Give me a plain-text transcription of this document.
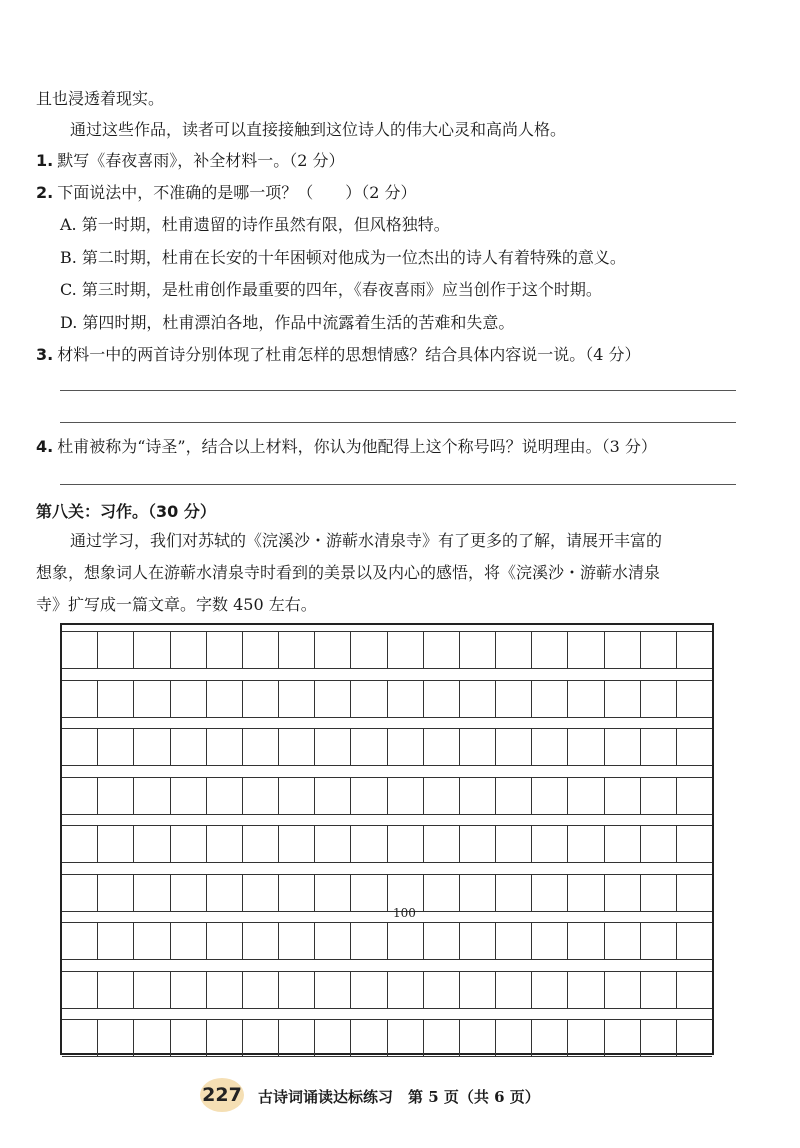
且也浸透着现实。
通过这些作品，读者可以直接接触到这位诗人的伟大心灵和高尚人格。
1. 默写《春夜喜雨》，补全材料一。（2 分）
2. 下面说法中，不准确的是哪一项？（　　）（2 分）
A. 第一时期，杜甫遗留的诗作虽然有限，但风格独特。
B. 第二时期，杜甫在长安的十年困顿对他成为一位杰出的诗人有着特殊的意义。
C. 第三时期，是杜甫创作最重要的四年，《春夜喜雨》应当创作于这个时期。
D. 第四时期，杜甫漂泊各地，作品中流露着生活的苦难和失意。
3. 材料一中的两首诗分别体现了杜甫怎样的思想情感？结合具体内容说一说。（4 分）
4. 杜甫被称为“诗圣”，结合以上材料，你认为他配得上这个称号吗？说明理由。（3 分）
第八关：习作。（30 分）
通过学习，我们对苏轼的《浣溪沙・游蕲水清泉寺》有了更多的了解，请展开丰富的
想象，想象词人在游蕲水清泉寺时看到的美景以及内心的感悟，将《浣溪沙・游蕲水清泉
寺》扩写成一篇文章。字数 450 左右。
100
227 古诗词诵读达标练习　第 5 页（共 6 页）
